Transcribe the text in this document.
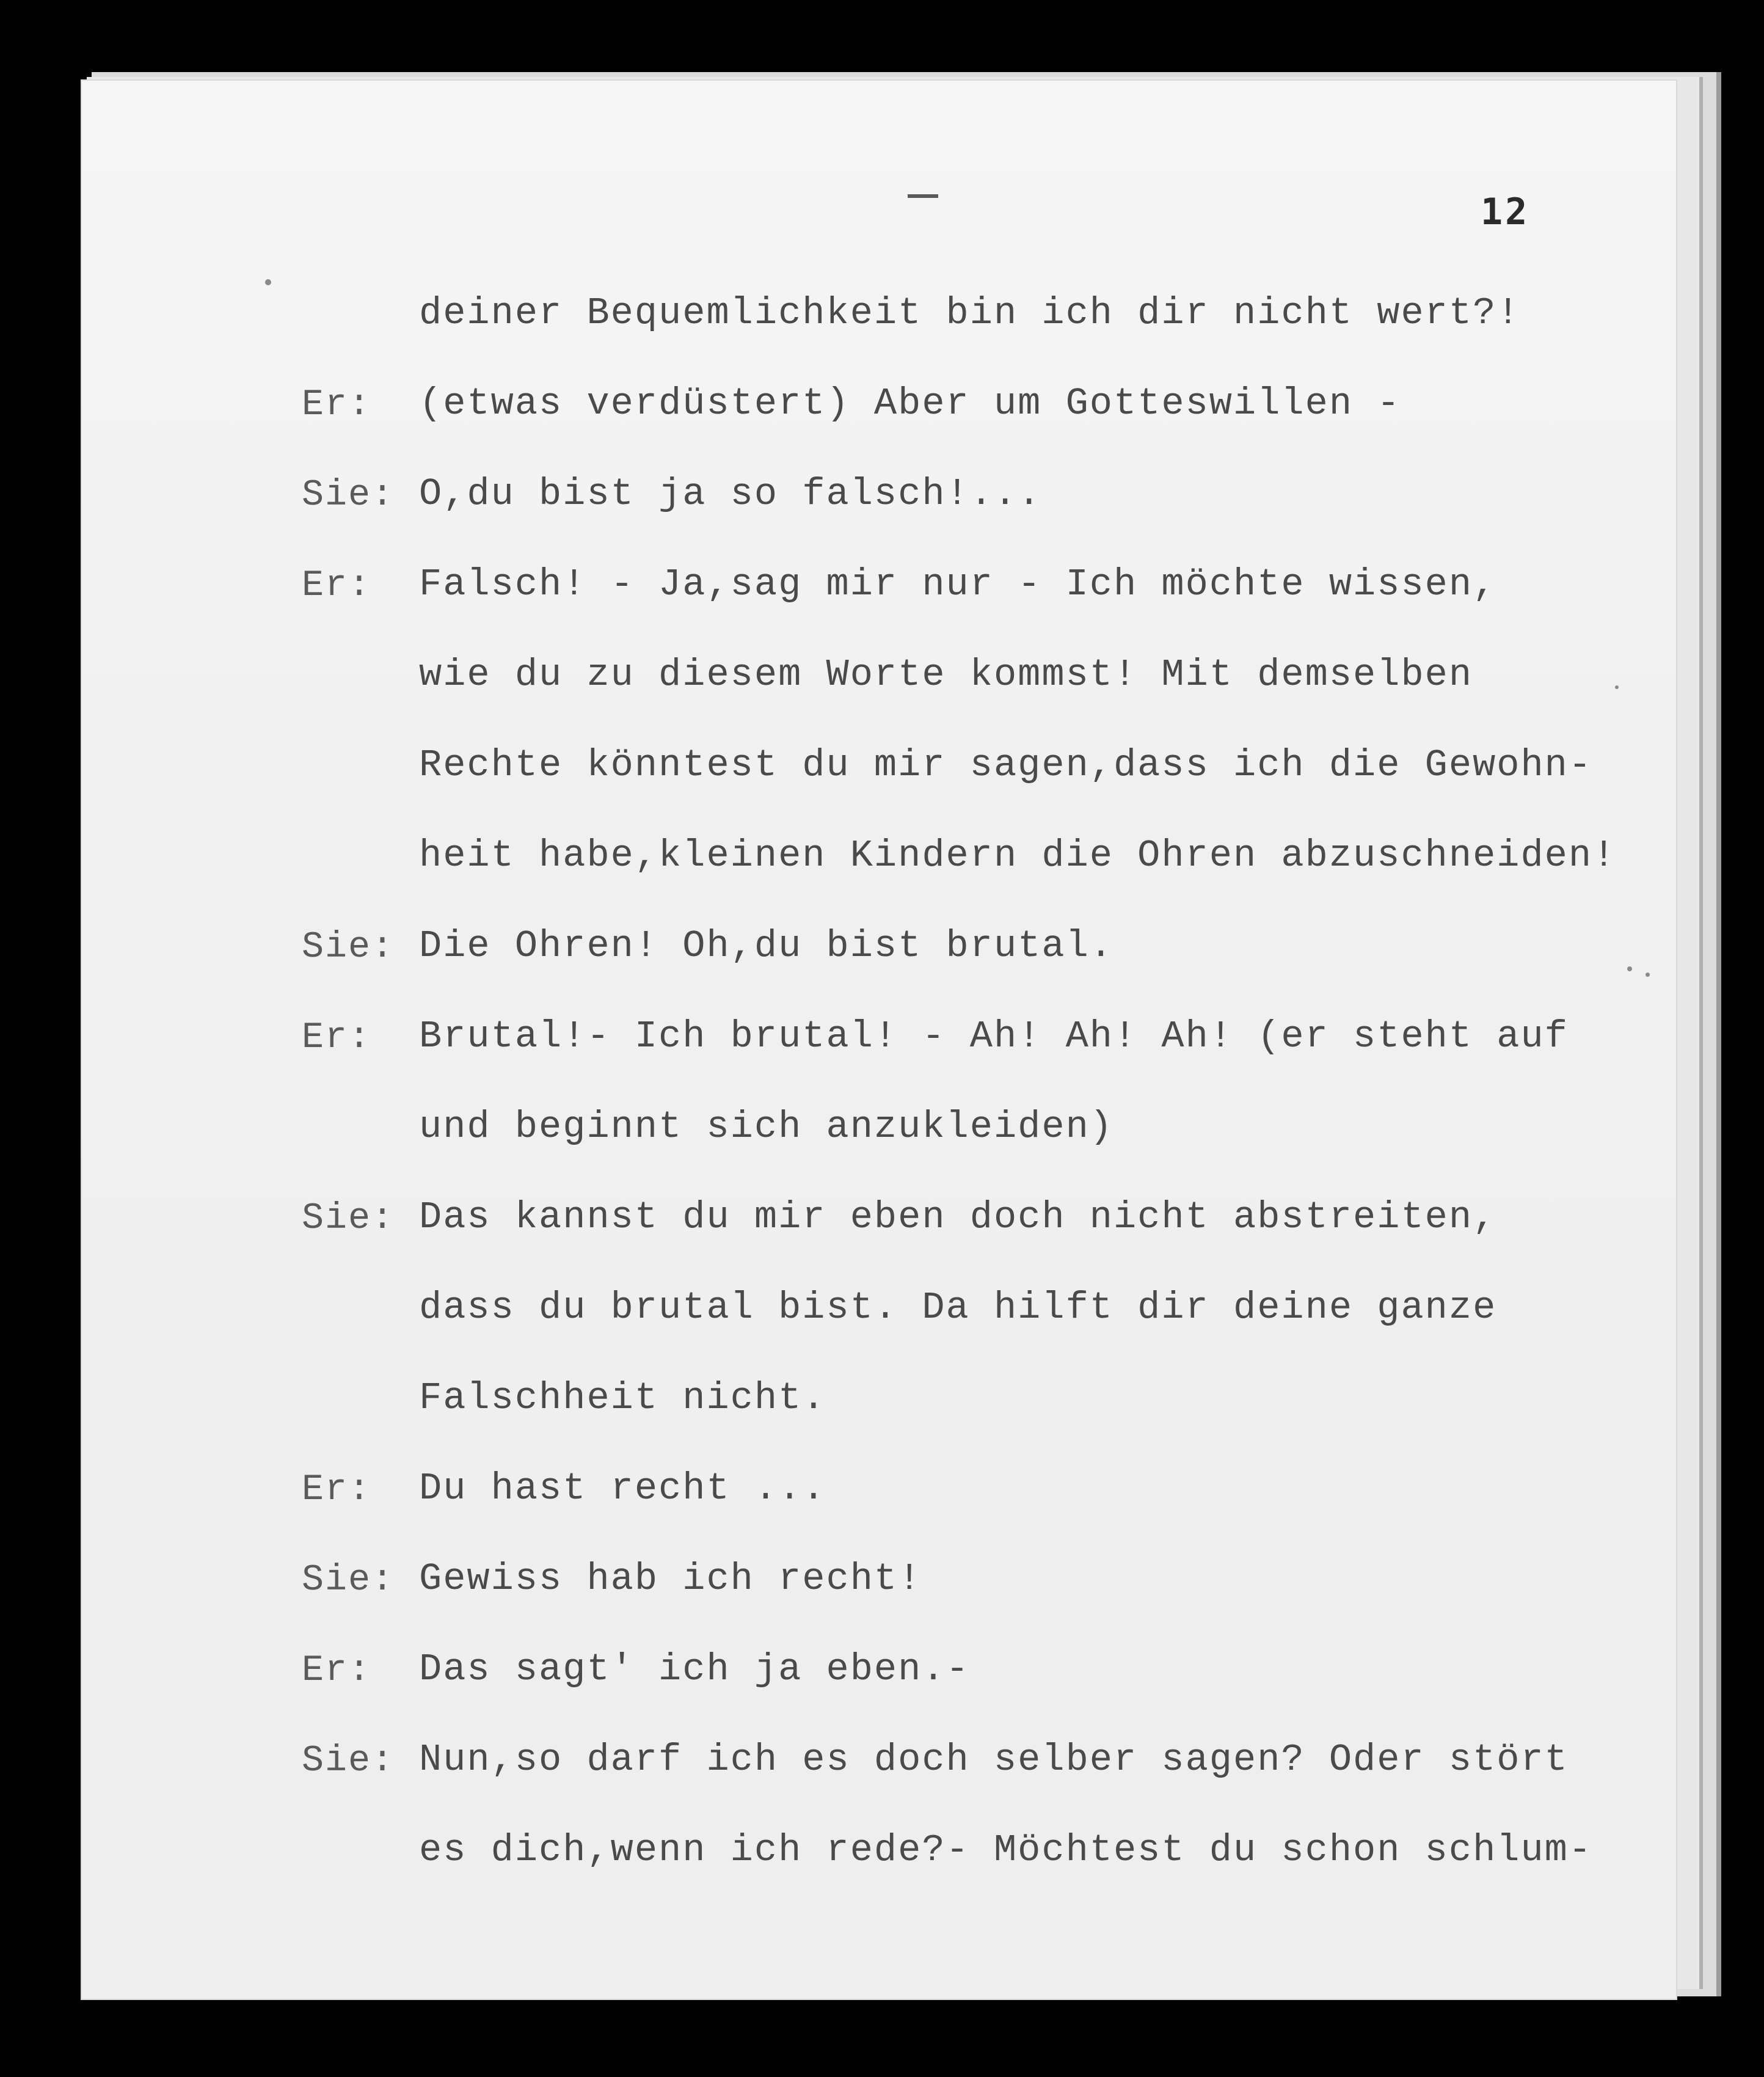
12
deiner Bequemlichkeit bin ich dir nicht wert?!
Er: (etwas verdüstert) Aber um Gotteswillen -
Sie: O,du bist ja so falsch!...
Er: Falsch! - Ja,sag mir nur - Ich möchte wissen,
wie du zu diesem Worte kommst! Mit demselben
Rechte könntest du mir sagen,dass ich die Gewohn-
heit habe,kleinen Kindern die Ohren abzuschneiden!
Sie: Die Ohren! Oh,du bist brutal.
Er: Brutal!- Ich brutal! - Ah! Ah! Ah! (er steht auf
und beginnt sich anzukleiden)
Sie: Das kannst du mir eben doch nicht abstreiten,
dass du brutal bist. Da hilft dir deine ganze
Falschheit nicht.
Er: Du hast recht ...
Sie: Gewiss hab ich recht!
Er: Das sagt' ich ja eben.-
Sie: Nun,so darf ich es doch selber sagen? Oder stört
es dich,wenn ich rede?- Möchtest du schon schlum-
